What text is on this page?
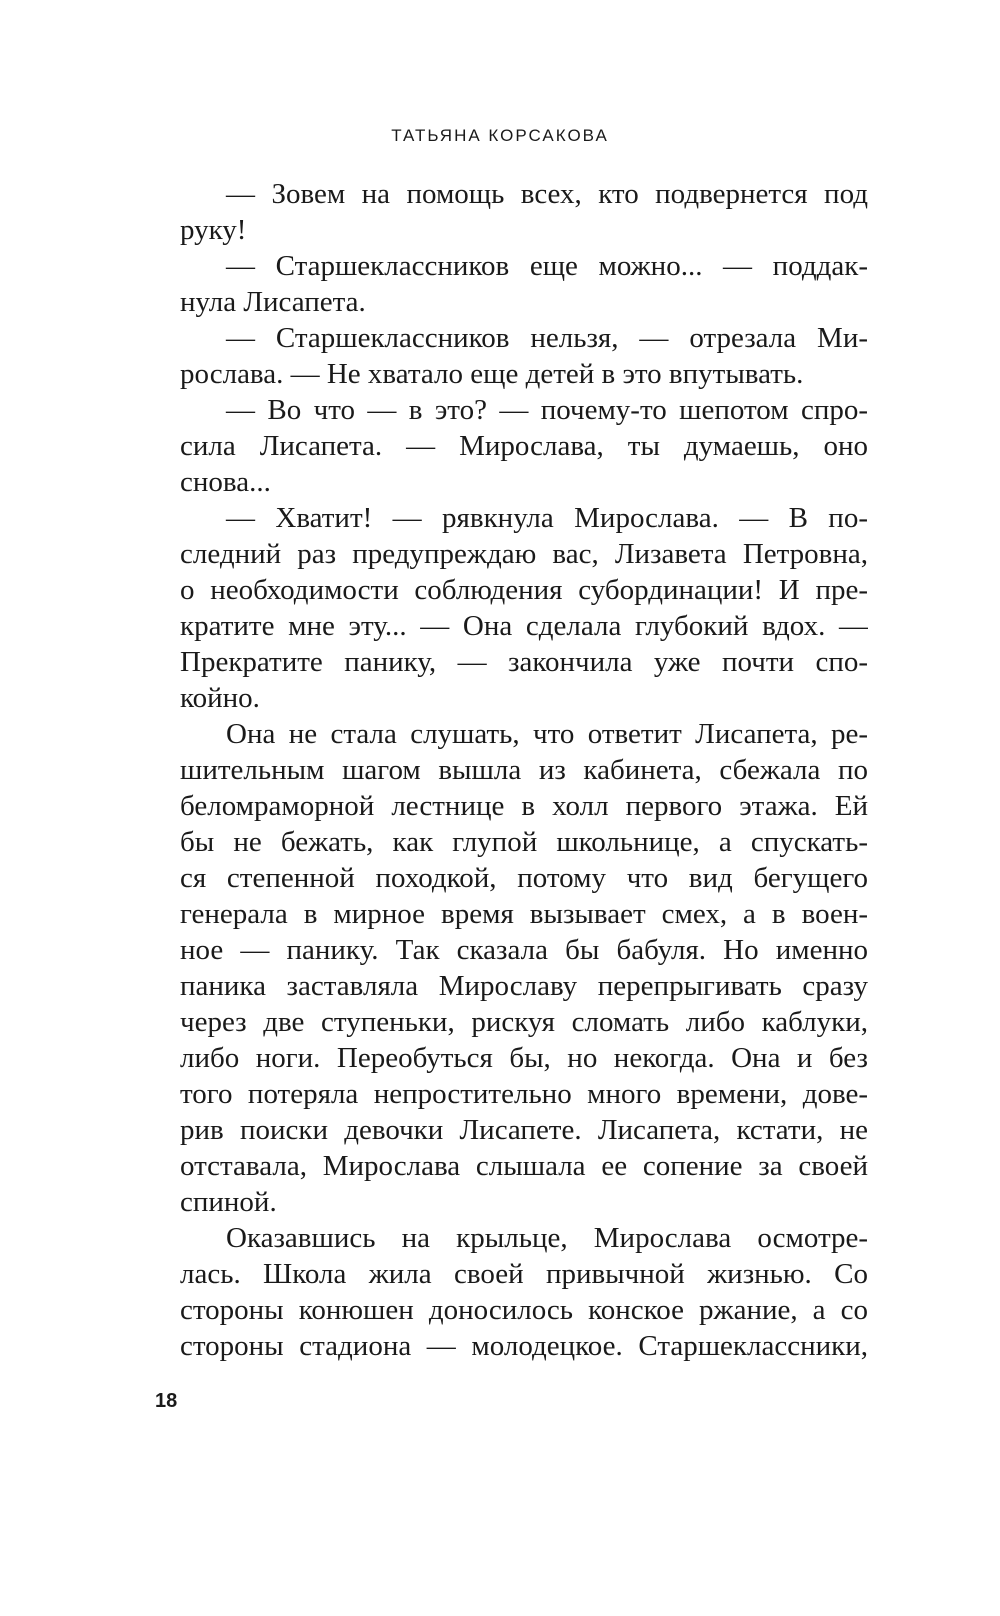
ТАТЬЯНА КОРСАКОВА
— Зовем на помощь всех, кто подвернется под
руку!
— Старшеклассников еще можно... — поддак-
нула Лисапета.
— Старшеклассников нельзя, — отрезала Ми-
рослава. — Не хватало еще детей в это впутывать.
— Во что — в это? — почему-то шепотом спро-
сила Лисапета. — Мирослава, ты думаешь, оно
снова...
— Хватит! — рявкнула Мирослава. — В по-
следний раз предупреждаю вас, Лизавета Петровна,
о необходимости соблюдения субординации! И пре-
кратите мне эту... — Она сделала глубокий вдох. —
Прекратите панику, — закончила уже почти спо-
койно.
Она не стала слушать, что ответит Лисапета, ре-
шительным шагом вышла из кабинета, сбежала по
беломраморной лестнице в холл первого этажа. Ей
бы не бежать, как глупой школьнице, а спускать-
ся степенной походкой, потому что вид бегущего
генерала в мирное время вызывает смех, а в воен-
ное — панику. Так сказала бы бабуля. Но именно
паника заставляла Мирославу перепрыгивать сразу
через две ступеньки, рискуя сломать либо каблуки,
либо ноги. Переобуться бы, но некогда. Она и без
того потеряла непростительно много времени, дове-
рив поиски девочки Лисапете. Лисапета, кстати, не
отставала, Мирослава слышала ее сопение за своей
спиной.
Оказавшись на крыльце, Мирослава осмотре-
лась. Школа жила своей привычной жизнью. Со
стороны конюшен доносилось конское ржание, а со
стороны стадиона — молодецкое. Старшеклассники,
18
